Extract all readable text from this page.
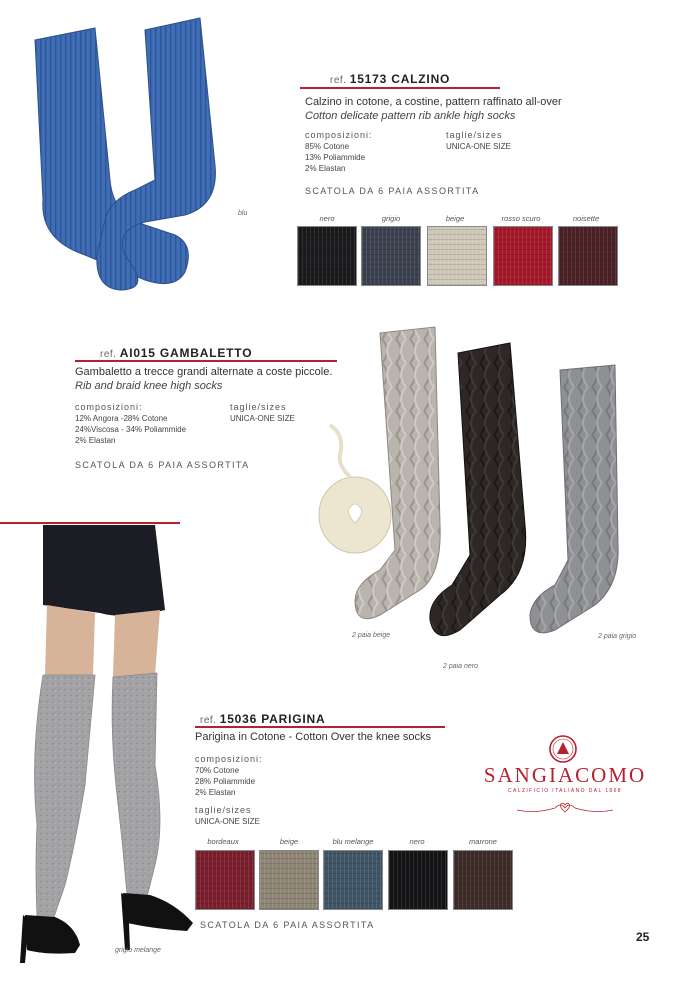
blu
ref. 15173 CALZINO
Calzino in cotone, a costine, pattern raffinato all-over
Cotton delicate pattern rib ankle high socks
composizioni:
85% Cotone
13% Poliammide
2% Elastan
taglie/sizes
UNICA-ONE SIZE
SCATOLA DA 6 PAIA ASSORTITA
nero	grigio	beige	rosso scuro	noisette
ref. AI015 GAMBALETTO
Gambaletto a trecce grandi alternate a coste piccole.
Rib and braid knee high socks
composizioni:
12% Angora -28% Cotone
24%Viscosa - 34% Poliammide
2% Elastan
taglie/sizes
UNICA-ONE SIZE
SCATOLA DA 6 PAIA ASSORTITA
2 paia beige
2 paia nero
2 paia grigio
grigio melange
ref. 15036 PARIGINA
Parigina in Cotone - Cotton Over the knee socks
composizioni:
70% Cotone
28% Poliammide
2% Elastan
taglie/sizes
UNICA-ONE SIZE
bordeaux	beige	blu melange	nero	marrone
SCATOLA DA 6 PAIA ASSORTITA
SANGIACOMO
CALZIFICIO ITALIANO DAL 1868
25
